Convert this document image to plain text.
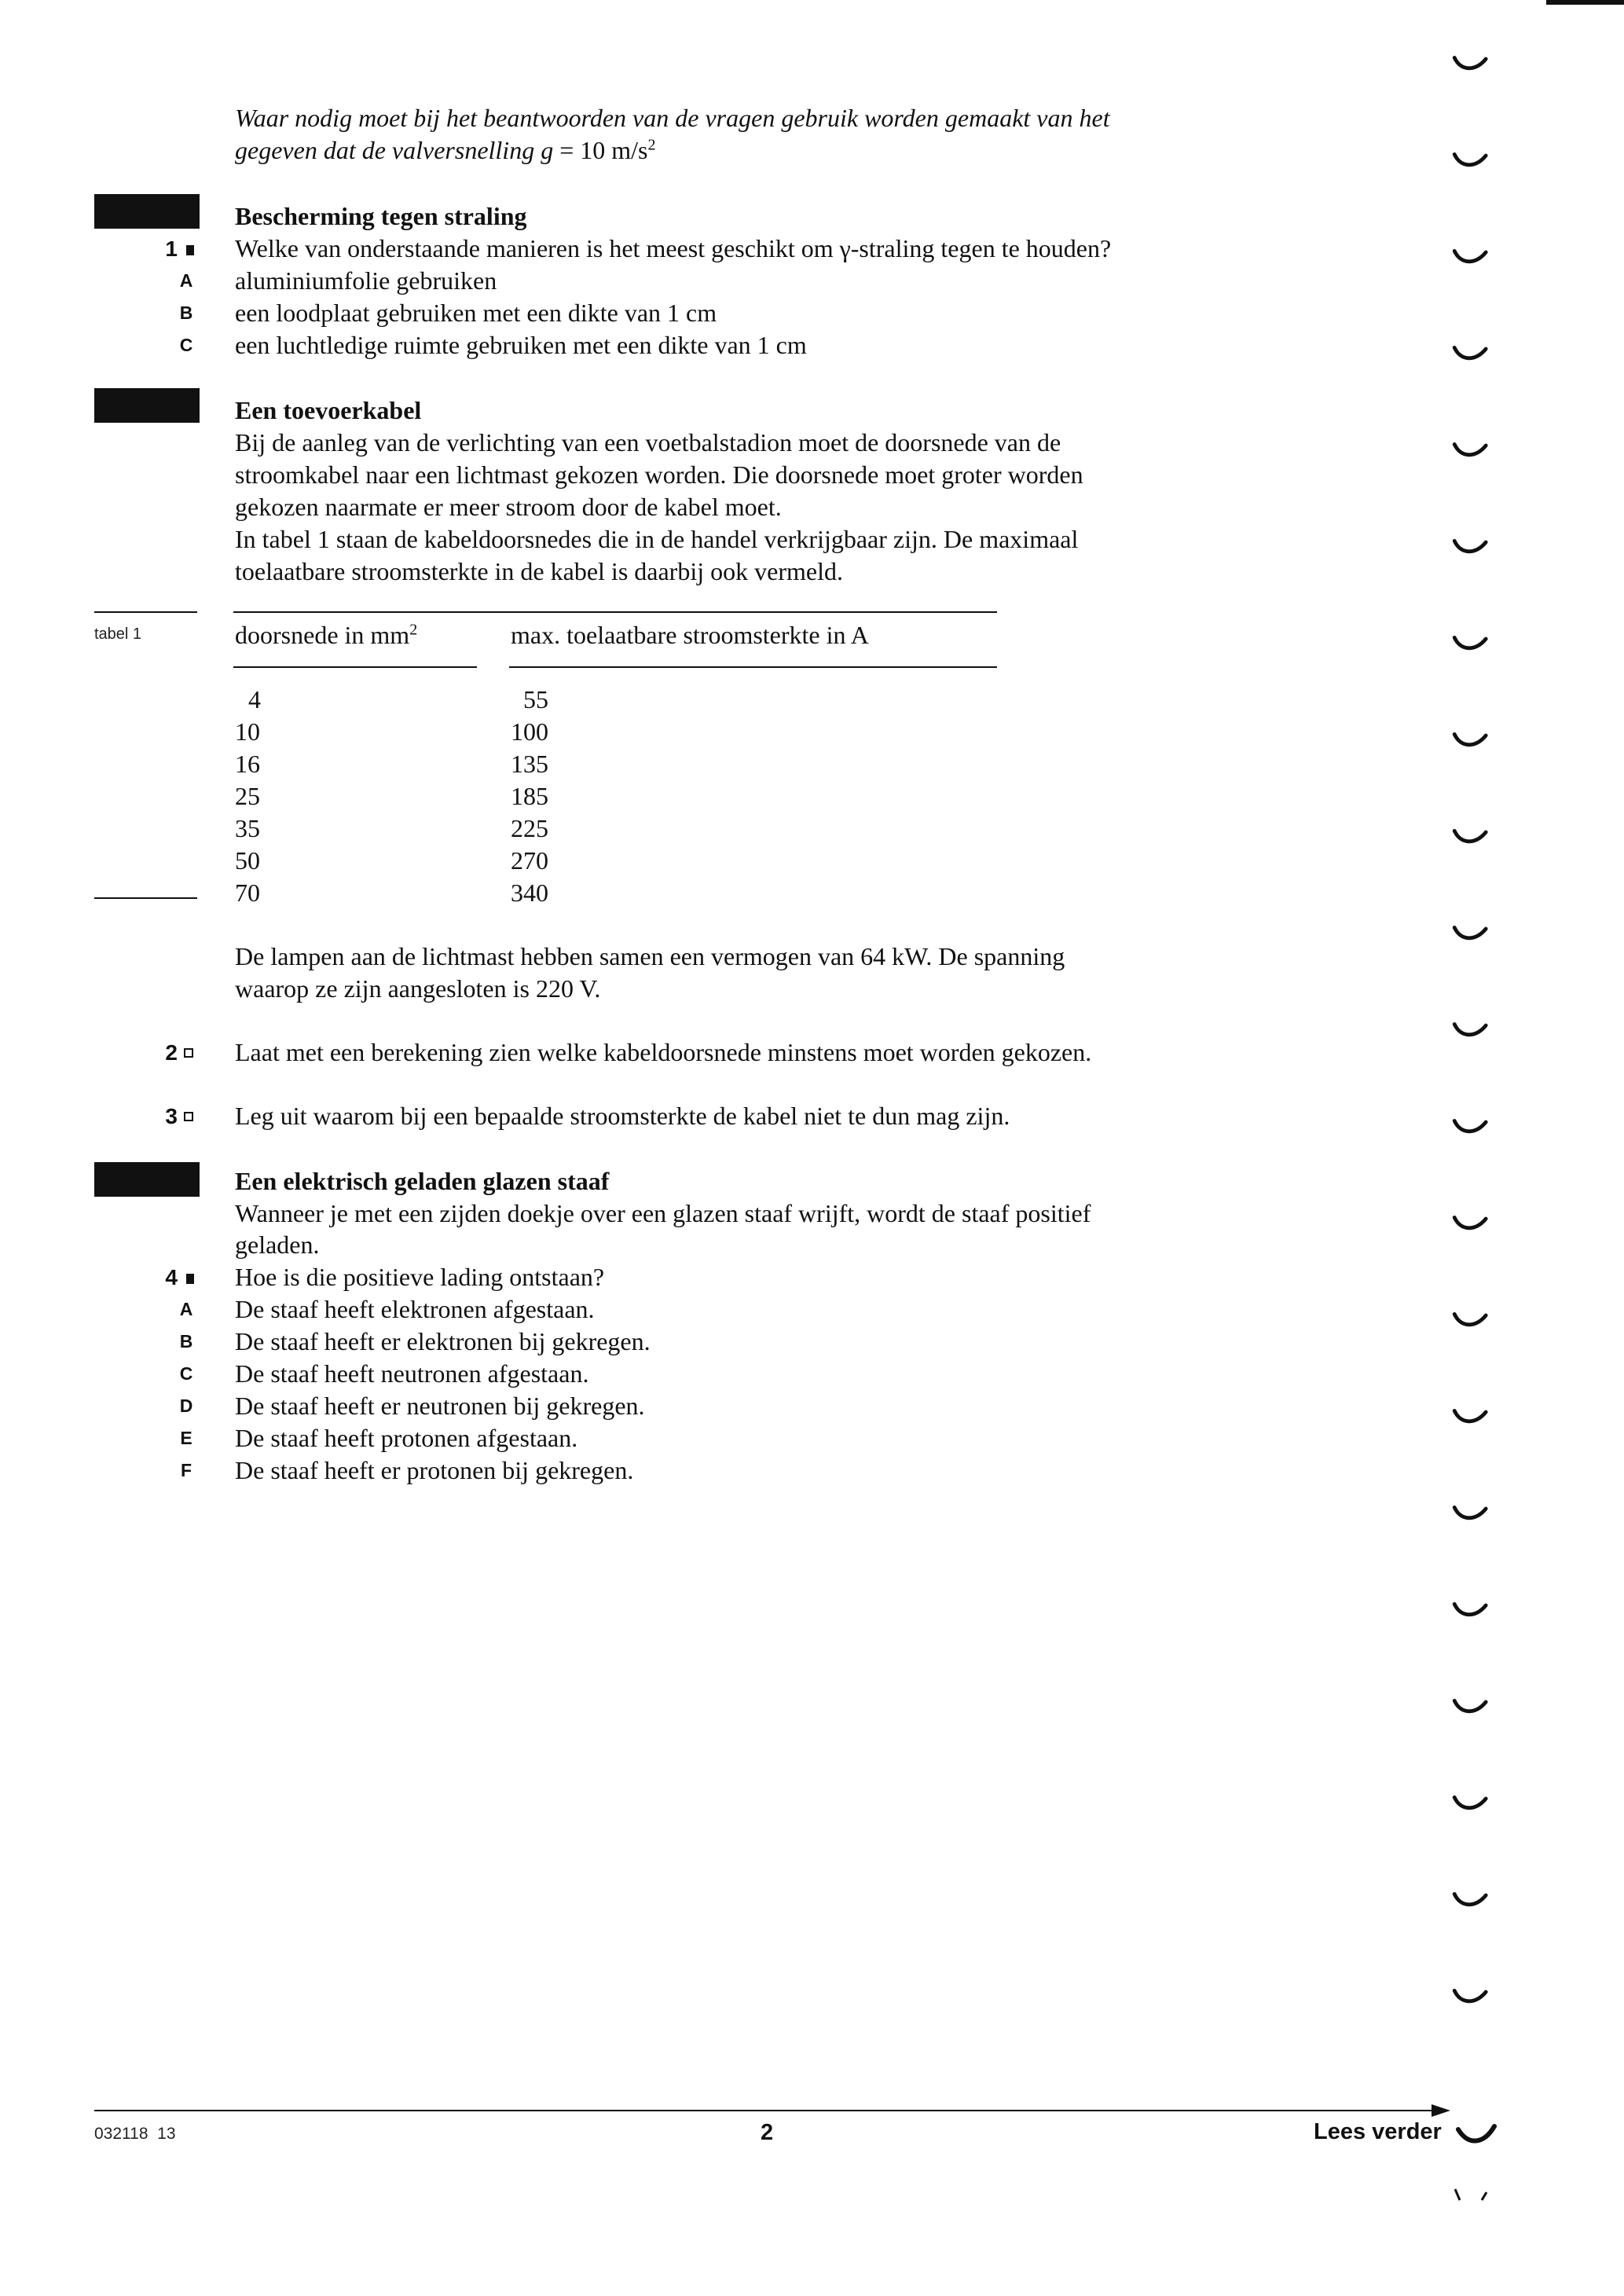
Waar nodig moet bij het beantwoorden van de vragen gebruik worden gemaakt van het
gegeven dat de valversnelling g = 10 $m/s^2$
Bescherming tegen straling
1 Welke van onderstaande manieren is het meest geschikt om γ-straling tegen te houden?
A aluminiumfolie gebruiken
B een loodplaat gebruiken met een dikte van 1 cm
C een luchtledige ruimte gebruiken met een dikte van 1 cm
Een toevoerkabel
Bij de aanleg van de verlichting van een voetbalstadion moet de doorsnede van de
stroomkabel naar een lichtmast gekozen worden. Die doorsnede moet groter worden
gekozen naarmate er meer stroom door de kabel moet.
In tabel 1 staan de kabeldoorsnedes die in de handel verkrijgbaar zijn. De maximaal
toelaatbare stroomsterkte in de kabel is daarbij ook vermeld.
tabel 1	doorsnede in $mm^2$	max. toelaatbare stroomsterkte in A
4	55
10	100
16	135
25	185
35	225
50	270
70	340
De lampen aan de lichtmast hebben samen een vermogen van 64 kW. De spanning
waarop ze zijn aangesloten is 220 V.
2 Laat met een berekening zien welke kabeldoorsnede minstens moet worden gekozen.
3 Leg uit waarom bij een bepaalde stroomsterkte de kabel niet te dun mag zijn.
Een elektrisch geladen glazen staaf
Wanneer je met een zijden doekje over een glazen staaf wrijft, wordt de staaf positief
geladen.
4 Hoe is die positieve lading ontstaan?
A De staaf heeft elektronen afgestaan.
B De staaf heeft er elektronen bij gekregen.
C De staaf heeft neutronen afgestaan.
D De staaf heeft er neutronen bij gekregen.
E De staaf heeft protonen afgestaan.
F De staaf heeft er protonen bij gekregen.
032118  13	2	Lees verder
